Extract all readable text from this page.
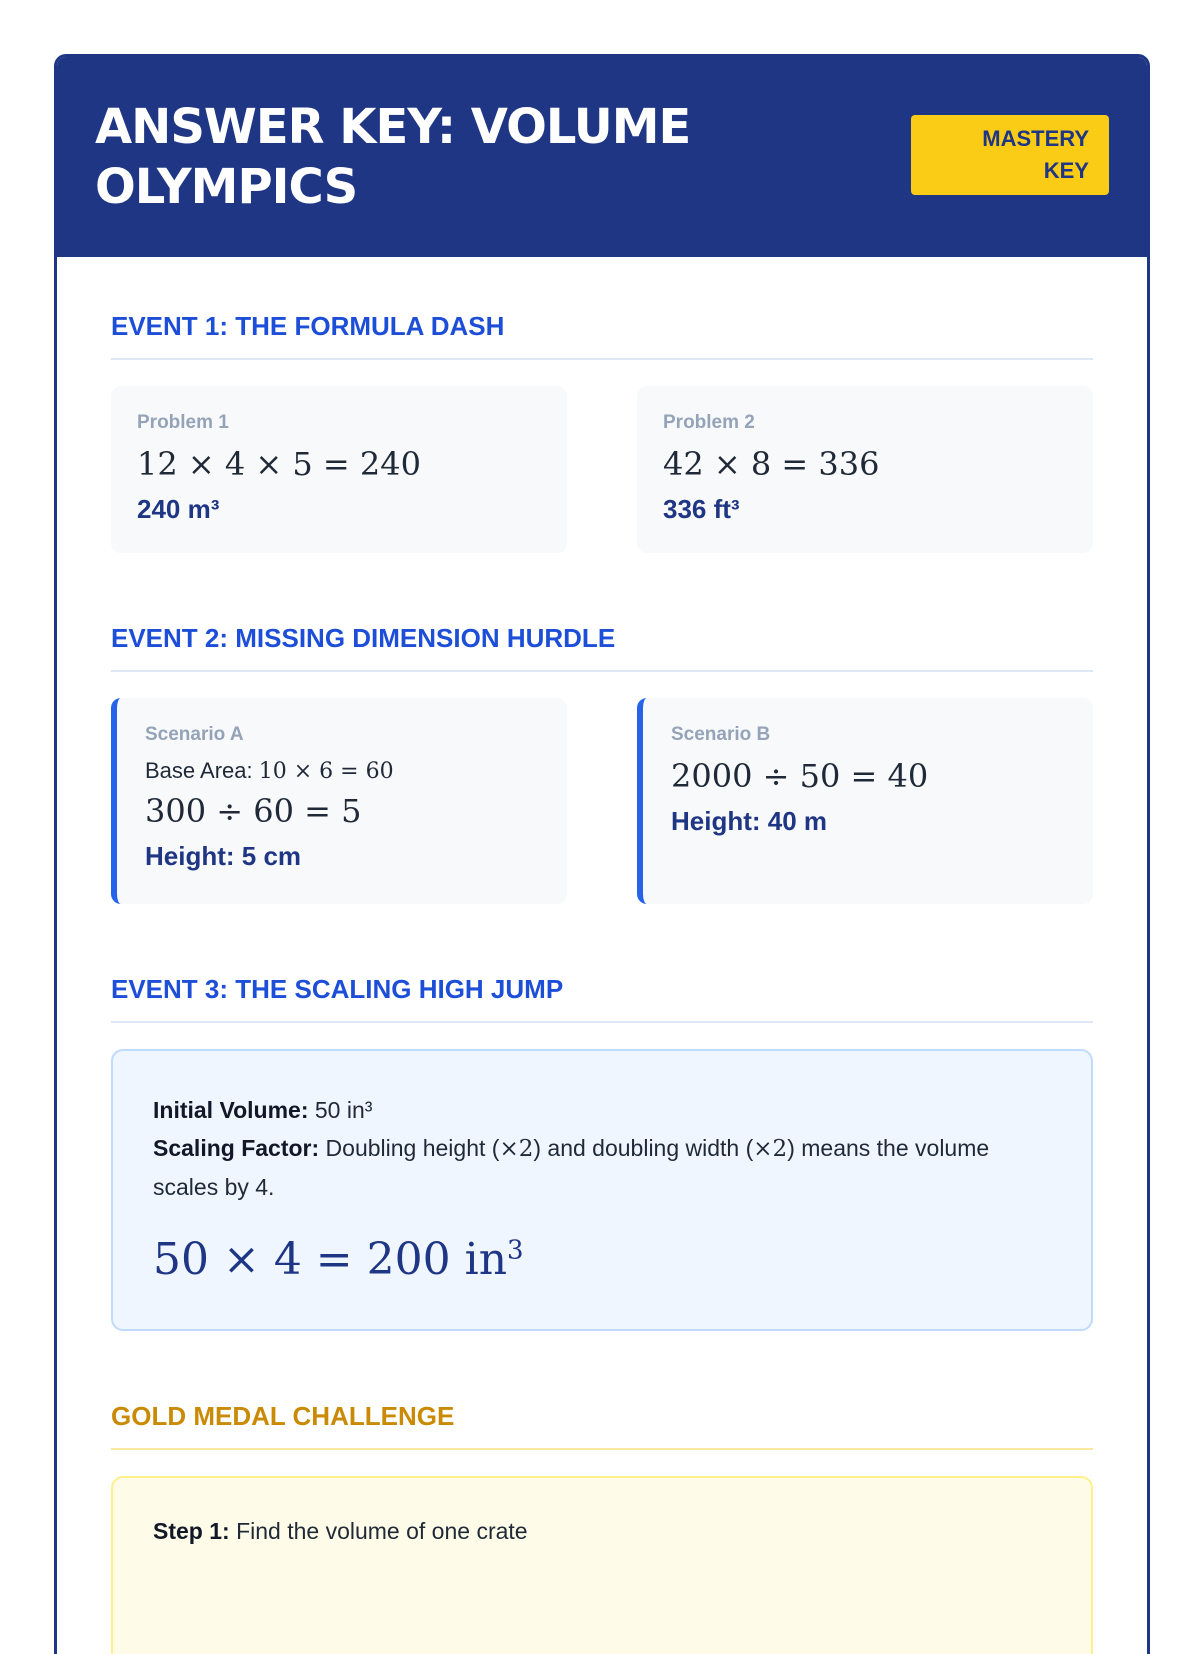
ANSWER KEY: VOLUME OLYMPICS
MASTERY KEY
EVENT 1: THE FORMULA DASH
Problem 1
12 × 4 × 5 = 240
240 m³
Problem 2
42 × 8 = 336
336 ft³
EVENT 2: MISSING DIMENSION HURDLE
Scenario A
Base Area: 10 × 6 = 60
300 ÷ 60 = 5
Height: 5 cm
Scenario B
2000 ÷ 50 = 40
Height: 40 m
EVENT 3: THE SCALING HIGH JUMP
Initial Volume: 50 in³
Scaling Factor: Doubling height (×2) and doubling width (×2) means the volume scales by 4.
50 × 4 = 200 $in^3$
GOLD MEDAL CHALLENGE
Step 1: Find the volume of one crate
